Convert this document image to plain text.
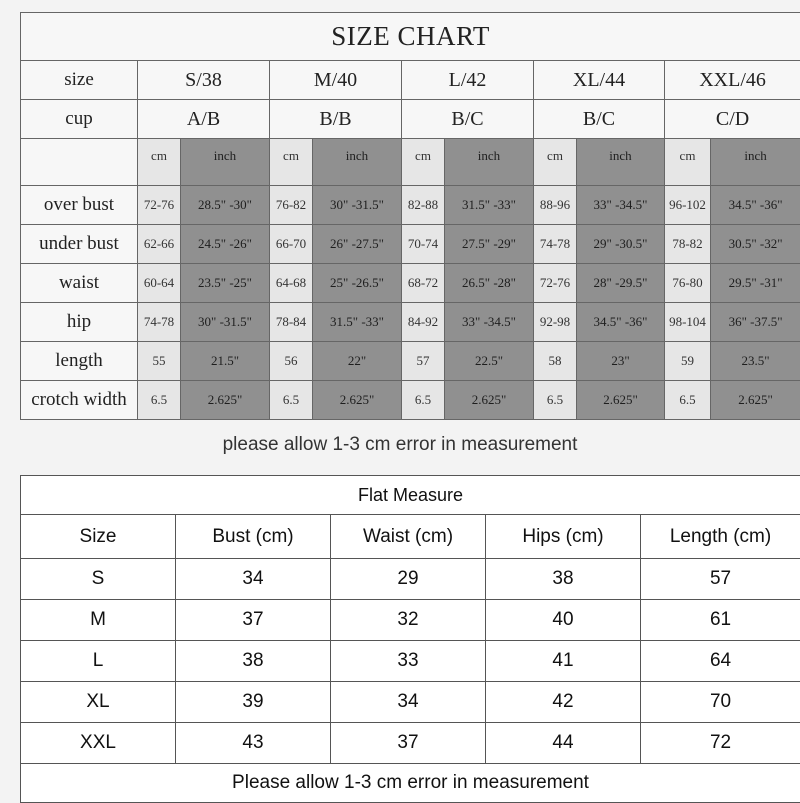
SIZE CHART										
size	S/38		M/40		L/42		XL/44		XXL/46	
cup	A/B		B/B		B/C		B/C		C/D	
	cm	inch	cm	inch	cm	inch	cm	inch	cm	inch
over bust	72-76	28.5" -30"	76-82	30" -31.5"	82-88	31.5" -33"	88-96	33" -34.5"	96-102	34.5" -36"
under bust	62-66	24.5" -26"	66-70	26" -27.5"	70-74	27.5" -29"	74-78	29" -30.5"	78-82	30.5" -32"
waist	60-64	23.5" -25"	64-68	25" -26.5"	68-72	26.5" -28"	72-76	28" -29.5"	76-80	29.5" -31"
hip	74-78	30" -31.5"	78-84	31.5" -33"	84-92	33" -34.5"	92-98	34.5" -36"	98-104	36" -37.5"
length	55	21.5"	56	22"	57	22.5"	58	23"	59	23.5"
crotch width	6.5	2.625"	6.5	2.625"	6.5	2.625"	6.5	2.625"	6.5	2.625"
please allow 1-3 cm error in measurement
Flat Measure				
Size	Bust (cm)	Waist (cm)	Hips (cm)	Length (cm)
S	34	29	38	57
M	37	32	40	61
L	38	33	41	64
XL	39	34	42	70
XXL	43	37	44	72
Please allow 1-3 cm error in measurement				
